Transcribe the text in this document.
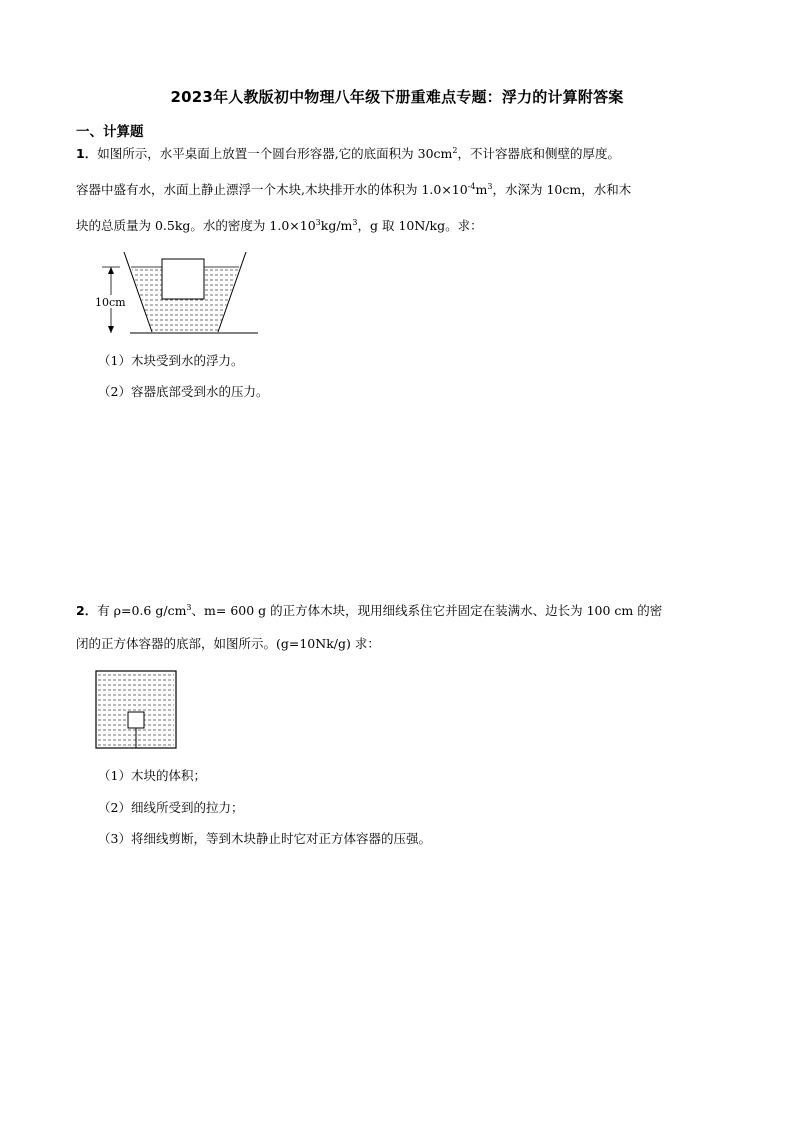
2023年人教版初中物理八年级下册重难点专题：浮力的计算附答案
一、计算题
1．如图所示，水平桌面上放置一个圆台形容器,它的底面积为 $30cm^2$，不计容器底和侧壁的厚度。
容器中盛有水，水面上静止漂浮一个木块,木块排开水的体积为 $1.0\times 10^{-4}m^3$，水深为 10cm，水和木
块的总质量为 0.5kg。水的密度为 $1.0\times 10^3kg/m^3$，g 取 10N/kg。求：
10cm
（1）木块受到水的浮力。
（2）容器底部受到水的压力。
2．有 ρ=0.6 $g/cm^3$、m= 600 g 的正方体木块，现用细线系住它并固定在装满水、边长为 100 cm 的密
闭的正方体容器的底部，如图所示。(g=10Nk/g) 求：
（1）木块的体积；
（2）细线所受到的拉力；
（3）将细线剪断，等到木块静止时它对正方体容器的压强。
